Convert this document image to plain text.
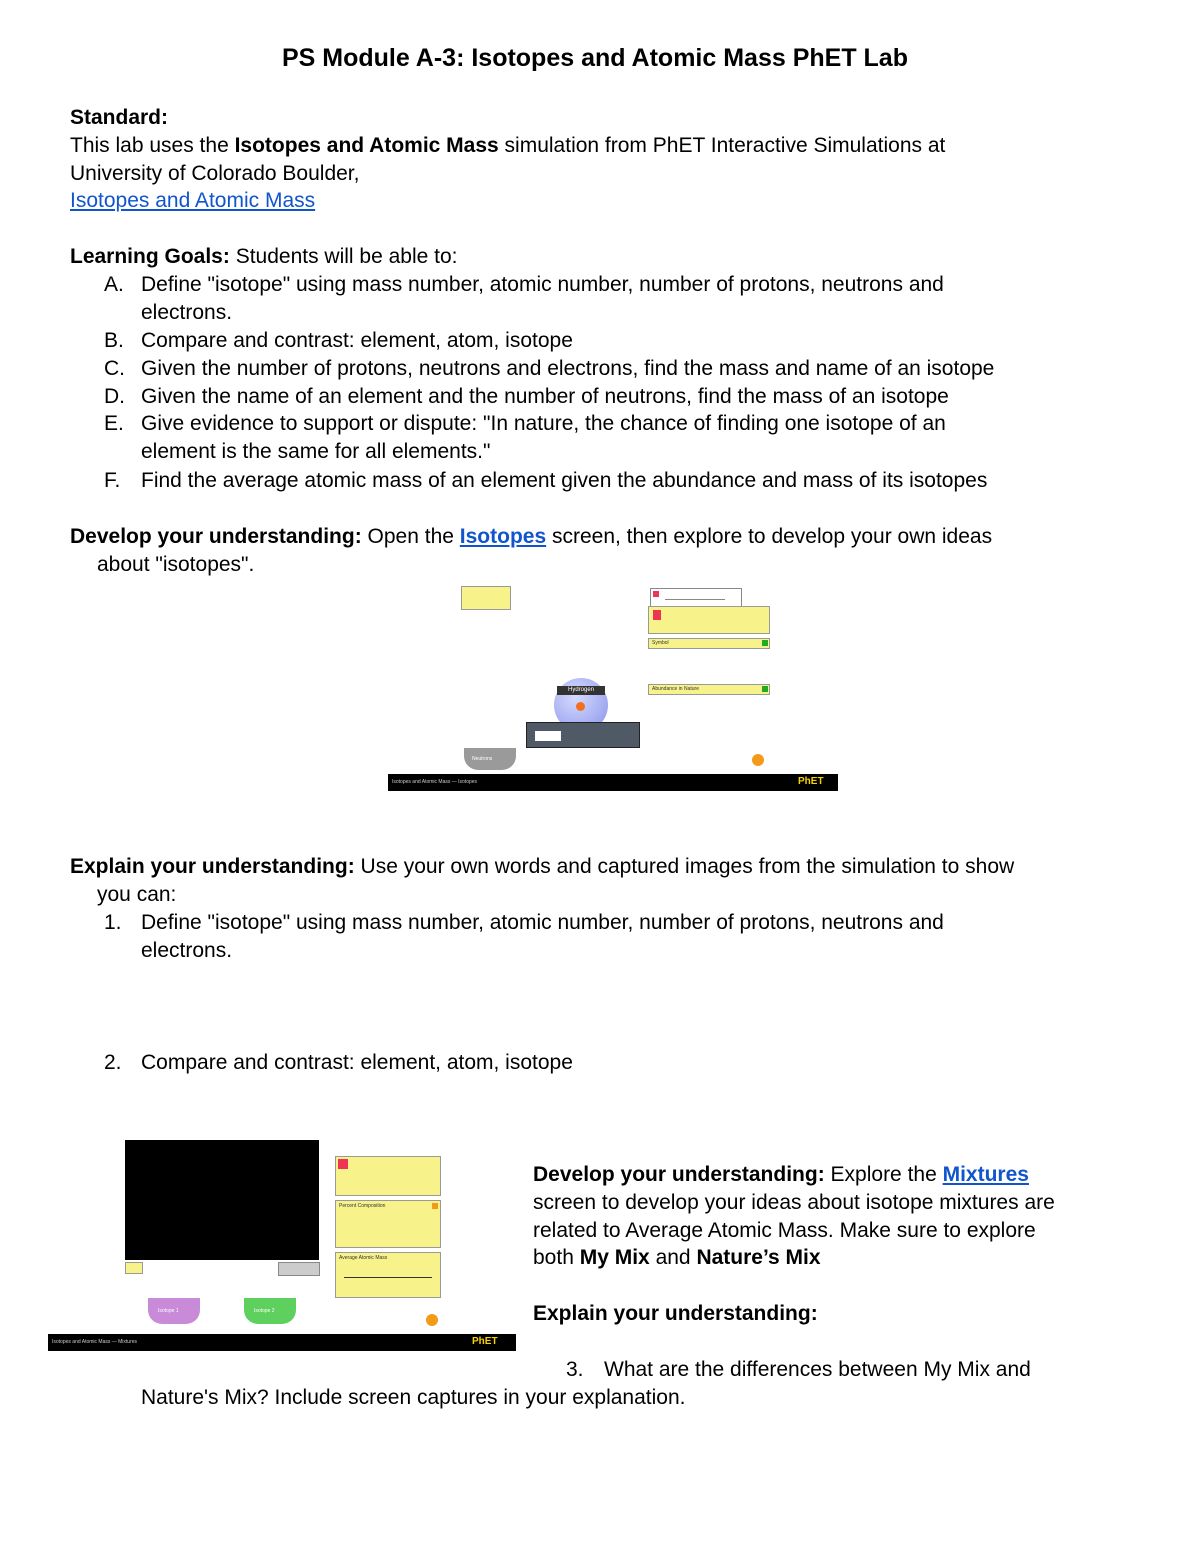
PS Module A-3: Isotopes and Atomic Mass PhET Lab
Standard:
This lab uses the Isotopes and Atomic Mass simulation from PhET Interactive Simulations at
University of Colorado Boulder,
Isotopes and Atomic Mass
Learning Goals: Students will be able to:
A. Define "isotope" using mass number, atomic number, number of protons, neutrons and
electrons.
B. Compare and contrast: element, atom, isotope
C. Given the number of protons, neutrons and electrons, find the mass and name of an isotope
D. Given the name of an element and the number of neutrons, find the mass of an isotope
E. Give evidence to support or dispute: "In nature, the chance of finding one isotope of an
element is the same for all elements."
F. Find the average atomic mass of an element given the abundance and mass of its isotopes
Develop your understanding: Open the Isotopes screen, then explore to develop your own ideas
about "isotopes".
Symbol
Abundance in Nature
Hydrogen
Neutrons
Isotopes and Atomic Mass — Isotopes	PhET
Explain your understanding: Use your own words and captured images from the simulation to show
you can:
1. Define "isotope" using mass number, atomic number, number of protons, neutrons and
electrons.
2. Compare and contrast: element, atom, isotope
Percent Composition
Average Atomic Mass
Isotope 1	Isotope 2
Isotopes and Atomic Mass — Mixtures	PhET
Develop your understanding: Explore the Mixtures
screen to develop your ideas about isotope mixtures are
related to Average Atomic Mass. Make sure to explore
both My Mix and Nature’s Mix
Explain your understanding:
3. What are the differences between My Mix and
Nature's Mix? Include screen captures in your explanation.
